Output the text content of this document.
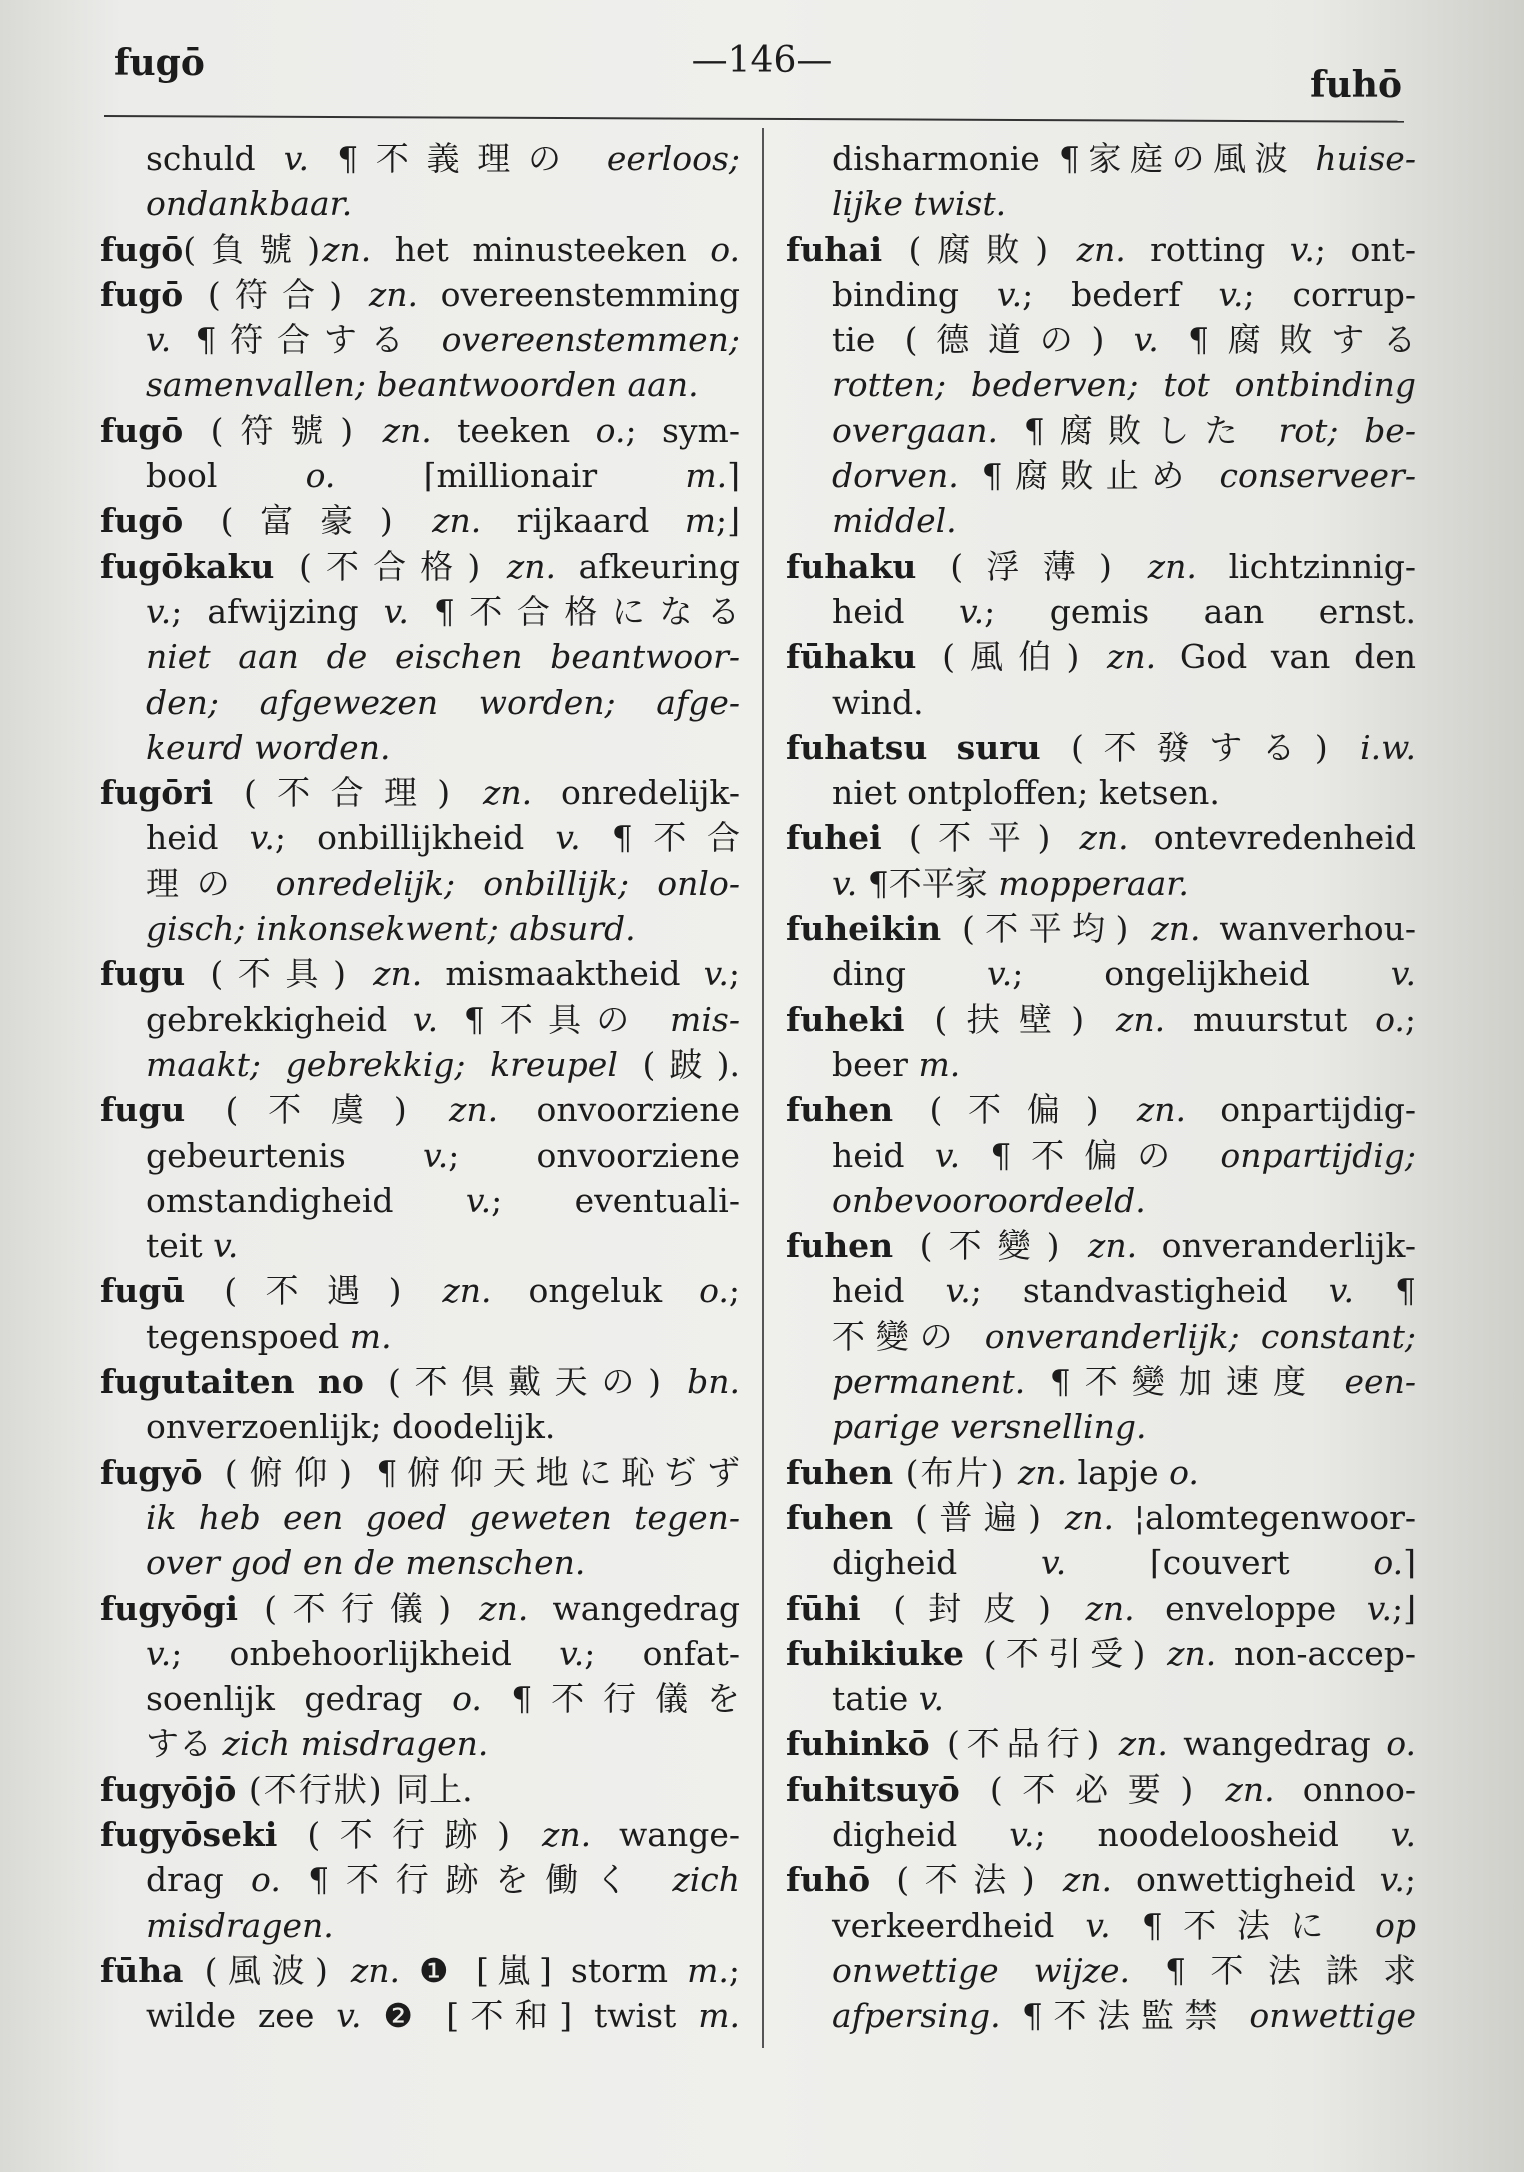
fugō	—146—
fuhō
schuld v. ¶不義理の eerloos;
ondankbaar.
fugō(負號)zn. het minusteeken o.
fugō (符合) zn. overeenstemming
v. ¶符合する overeenstemmen;
samenvallen; beantwoorden aan.
fugō (符號) zn. teeken o.; sym-
bool o. ⌈millionair m.⌉
fugō (富豪) zn. rijkaard m;⌋
fugōkaku (不合格) zn. afkeuring
v.; afwijzing v. ¶不合格になる
niet aan de eischen beantwoor-
den; afgewezen worden; afge-
keurd worden.
fugōri (不合理) zn. onredelijk-
heid v.; onbillijkheid v. ¶不合
理の onredelijk; onbillijk; onlo-
gisch; inkonsekwent; absurd.
fugu (不具) zn. mismaaktheid v.;
gebrekkigheid v. ¶不具の mis-
maakt; gebrekkig; kreupel (跛).
fugu (不虞) zn. onvoorziene
gebeurtenis v.; onvoorziene
omstandigheid v.; eventuali-
teit v.
fugū (不遇) zn. ongeluk o.;
tegenspoed m.
fugutaiten no (不倶戴天の) bn.
onverzoenlijk; doodelijk.
fugyō (俯仰) ¶俯仰天地に恥ぢず
ik heb een goed geweten tegen-
over god en de menschen.
fugyōgi (不行儀) zn. wangedrag
v.; onbehoorlijkheid v.; onfat-
soenlijk gedrag o. ¶不行儀を
する zich misdragen.
fugyōjō (不行狀) 同上.
fugyōseki (不行跡) zn. wange-
drag o. ¶不行跡を働く zich
misdragen.
fūha (風波) zn. ❶ [嵐] storm m.;
wilde zee v. ❷ [不和] twist m.
disharmonie ¶家庭の風波 huise-
lijke twist.
fuhai (腐敗) zn. rotting v.; ont-
binding v.; bederf v.; corrup-
tie (德道の) v. ¶腐敗する
rotten; bederven; tot ontbinding
overgaan. ¶腐敗した rot; be-
dorven. ¶腐敗止め conserveer-
middel.
fuhaku (浮薄) zn. lichtzinnig-
heid v.; gemis aan ernst.
fūhaku (風伯) zn. God van den
wind.
fuhatsu suru (不發する) i.w.
niet ontploffen; ketsen.
fuhei (不平) zn. ontevredenheid
v. ¶不平家 mopperaar.
fuheikin (不平均) zn. wanverhou-
ding v.; ongelijkheid v.
fuheki (扶壁) zn. muurstut o.;
beer m.
fuhen (不偏) zn. onpartijdig-
heid v. ¶不偏の onpartijdig;
onbevooroordeeld.
fuhen (不變) zn. onveranderlijk-
heid v.; standvastigheid v. ¶
不變の onveranderlijk; constant;
permanent. ¶不變加速度 een-
parige versnelling.
fuhen (布片) zn. lapje o.
fuhen (普遍) zn. ¦alomtegenwoor-
digheid v. ⌈couvert o.⌉
fūhi (封皮) zn. enveloppe v.;⌋
fuhikiuke (不引受) zn. non-accep-
tatie v.
fuhinkō (不品行) zn. wangedrag o.
fuhitsuyō (不必要) zn. onnoo-
digheid v.; noodeloosheid v.
fuhō (不法) zn. onwettigheid v.;
verkeerdheid v. ¶不法に op
onwettige wijze. ¶不法誅求
afpersing. ¶不法監禁 onwettige
